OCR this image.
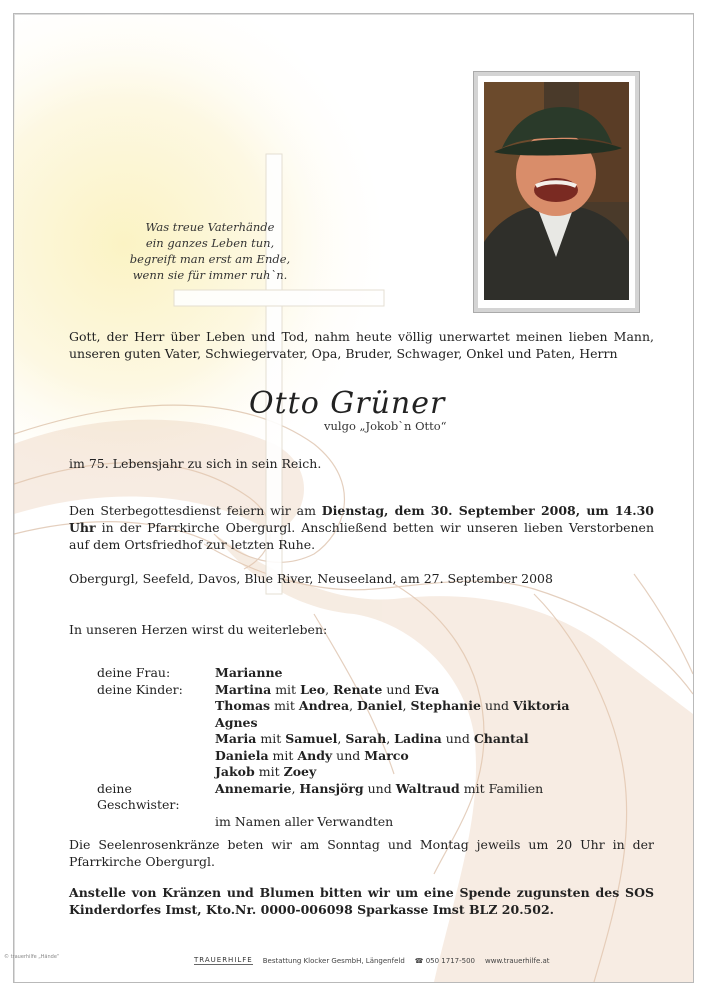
Was treue Vaterhände
ein ganzes Leben tun,
begreift man erst am Ende,
wenn sie für immer ruh`n.
Gott, der Herr über Leben und Tod, nahm heute völlig unerwartet meinen lieben Mann, unseren guten Vater, Schwiegervater, Opa, Bruder, Schwager, Onkel und Paten, Herrn
Otto Grüner
vulgo „Jokob`n Otto“
im 75. Lebensjahr zu sich in sein Reich.
Den Sterbegottesdienst feiern wir am Dienstag, dem 30. September 2008, um 14.30 Uhr in der Pfarrkirche Obergurgl. Anschließend betten wir unseren lieben Verstorbenen auf dem Ortsfriedhof zur letzten Ruhe.
Obergurgl, Seefeld, Davos, Blue River, Neuseeland, am 27. September 2008
In unseren Herzen wirst du weiterleben:
deine Frau:	Marianne
deine Kinder:	Martina mit Leo, Renate und Eva
Thomas mit Andrea, Daniel, Stephanie und Viktoria
Agnes
Maria mit Samuel, Sarah, Ladina und Chantal
Daniela mit Andy und Marco
Jakob mit Zoey
deine Geschwister:
Annemarie, Hansjörg und Waltraud mit Familien
im Namen aller Verwandten
Die Seelenrosenkränze beten wir am Sonntag und Montag jeweils um 20 Uhr in der Pfarrkirche Obergurgl.
Anstelle von Kränzen und Blumen bitten wir um eine Spende zugunsten des SOS Kinderdorfes Imst, Kto.Nr. 0000-006098 Sparkasse Imst BLZ 20.502.
TRAUERHILFE Bestattung Klocker GesmbH, Längenfeld ☎ 050 1717-500 www.trauerhilfe.at
© trauerhilfe „Hände“
